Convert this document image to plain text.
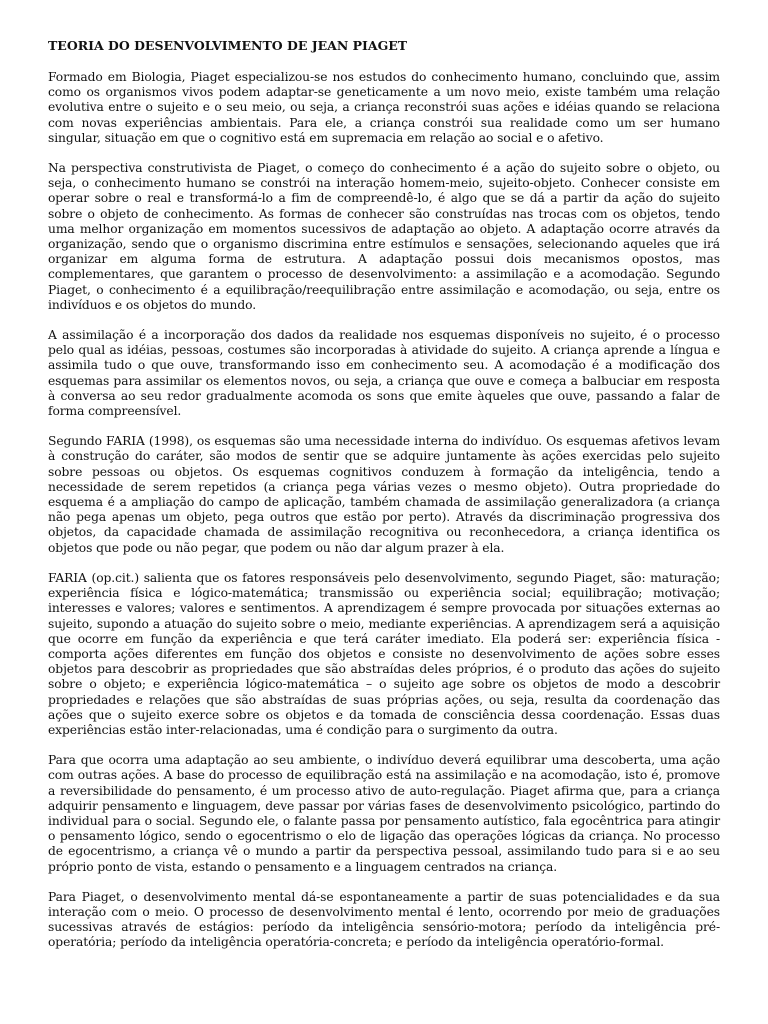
TEORIA DO DESENVOLVIMENTO DE JEAN PIAGET

Formado em Biologia, Piaget especializou-se nos estudos do conhecimento humano, concluindo que, assim como os organismos vivos podem adaptar-se geneticamente a um novo meio, existe também uma relação evolutiva entre o sujeito e o seu meio, ou seja, a criança reconstrói suas ações e idéias quando se relaciona com novas experiências ambientais. Para ele, a criança constrói sua realidade como um ser humano singular, situação em que o cognitivo está em supremacia em relação ao social e o afetivo.

Na perspectiva construtivista de Piaget, o começo do conhecimento é a ação do sujeito sobre o objeto, ou seja, o conhecimento humano se constrói na interação homem-meio, sujeito-objeto. Conhecer consiste em operar sobre o real e transformá-lo a fim de compreendê-lo, é algo que se dá a partir da ação do sujeito sobre o objeto de conhecimento. As formas de conhecer são construídas nas trocas com os objetos, tendo uma melhor organização em momentos sucessivos de adaptação ao objeto. A adaptação ocorre através da organização, sendo que o organismo discrimina entre estímulos e sensações, selecionando aqueles que irá organizar em alguma forma de estrutura. A adaptação possui dois mecanismos opostos, mas complementares, que garantem o processo de desenvolvimento: a assimilação e a acomodação. Segundo Piaget, o conhecimento é a equilibração/reequilibração entre assimilação e acomodação, ou seja, entre os indivíduos e os objetos do mundo.

A assimilação é a incorporação dos dados da realidade nos esquemas disponíveis no sujeito, é o processo pelo qual as idéias, pessoas, costumes são incorporadas à atividade do sujeito. A criança aprende a língua e assimila tudo o que ouve, transformando isso em conhecimento seu. A acomodação é a modificação dos esquemas para assimilar os elementos novos, ou seja, a criança que ouve e começa a balbuciar em resposta à conversa ao seu redor gradualmente acomoda os sons que emite àqueles que ouve, passando a falar de forma compreensível.

Segundo FARIA (1998), os esquemas são uma necessidade interna do indivíduo. Os esquemas afetivos levam à construção do caráter, são modos de sentir que se adquire juntamente às ações exercidas pelo sujeito sobre pessoas ou objetos. Os esquemas cognitivos conduzem à formação da inteligência, tendo a necessidade de serem repetidos (a criança pega várias vezes o mesmo objeto). Outra propriedade do esquema é a ampliação do campo de aplicação, também chamada de assimilação generalizadora (a criança não pega apenas um objeto, pega outros que estão por perto). Através da discriminação progressiva dos objetos, da capacidade chamada de assimilação recognitiva ou reconhecedora, a criança identifica os objetos que pode ou não pegar, que podem ou não dar algum prazer à ela.

FARIA (op.cit.) salienta que os fatores responsáveis pelo desenvolvimento, segundo Piaget, são: maturação; experiência física e lógico-matemática; transmissão ou experiência social; equilibração; motivação; interesses e valores; valores e sentimentos. A aprendizagem é sempre provocada por situações externas ao sujeito, supondo a atuação do sujeito sobre o meio, mediante experiências. A aprendizagem será a aquisição que ocorre em função da experiência e que terá caráter imediato. Ela poderá ser: experiência física - comporta ações diferentes em função dos objetos e consiste no desenvolvimento de ações sobre esses objetos para descobrir as propriedades que são abstraídas deles próprios, é o produto das ações do sujeito sobre o objeto; e experiência lógico-matemática – o sujeito age sobre os objetos de modo a descobrir propriedades e relações que são abstraídas de suas próprias ações, ou seja, resulta da coordenação das ações que o sujeito exerce sobre os objetos e da tomada de consciência dessa coordenação. Essas duas experiências estão inter-relacionadas, uma é condição para o surgimento da outra.

Para que ocorra uma adaptação ao seu ambiente, o indivíduo deverá equilibrar uma descoberta, uma ação com outras ações. A base do processo de equilibração está na assimilação e na acomodação, isto é, promove a reversibilidade do pensamento, é um processo ativo de auto-regulação. Piaget afirma que, para a criança adquirir pensamento e linguagem, deve passar por várias fases de desenvolvimento psicológico, partindo do individual para o social. Segundo ele, o falante passa por pensamento autístico, fala egocêntrica para atingir o pensamento lógico, sendo o egocentrismo o elo de ligação das operações lógicas da criança. No processo de egocentrismo, a criança vê o mundo a partir da perspectiva pessoal, assimilando tudo para si e ao seu próprio ponto de vista, estando o pensamento e a linguagem centrados na criança.

Para Piaget, o desenvolvimento mental dá-se espontaneamente a partir de suas potencialidades e da sua interação com o meio. O processo de desenvolvimento mental é lento, ocorrendo por meio de graduações sucessivas através de estágios: período da inteligência sensório-motora; período da inteligência pré-operatória; período da inteligência operatória-concreta; e período da inteligência operatório-formal.
